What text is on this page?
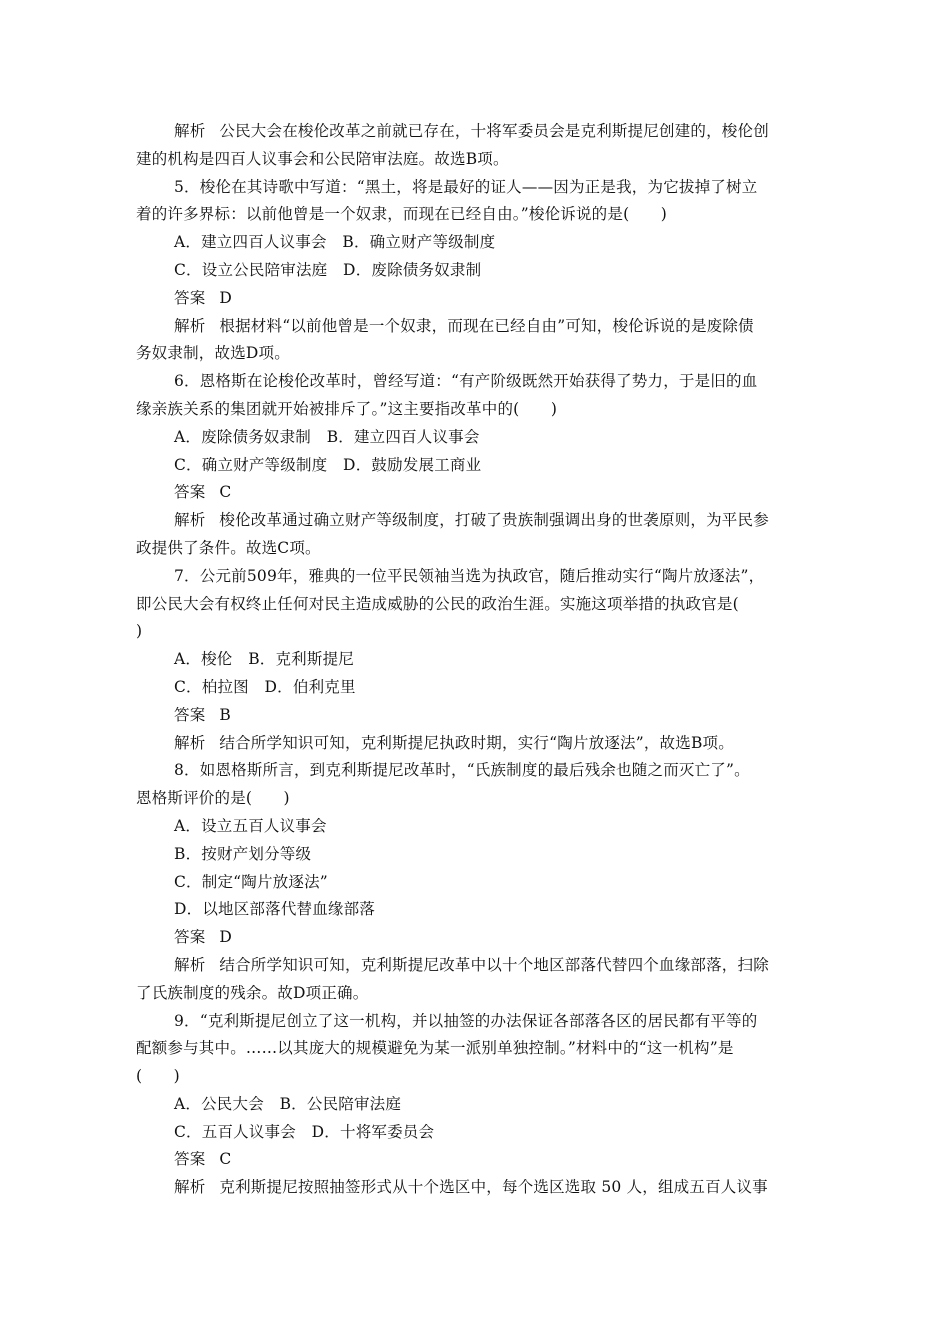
解析 公民大会在梭伦改革之前就已存在，十将军委员会是克利斯提尼创建的，梭伦创
建的机构是四百人议事会和公民陪审法庭。故选B项。
5．梭伦在其诗歌中写道：“黑土，将是最好的证人——因为正是我，为它拔掉了树立
着的许多界标：以前他曾是一个奴隶，而现在已经自由。”梭伦诉说的是(　　)
A．建立四百人议事会　B．确立财产等级制度
C．设立公民陪审法庭　D．废除债务奴隶制
答案 D
解析 根据材料“以前他曾是一个奴隶，而现在已经自由”可知，梭伦诉说的是废除债
务奴隶制，故选D项。
6．恩格斯在论梭伦改革时，曾经写道：“有产阶级既然开始获得了势力，于是旧的血
缘亲族关系的集团就开始被排斥了。”这主要指改革中的(　　)
A．废除债务奴隶制　B．建立四百人议事会
C．确立财产等级制度　D．鼓励发展工商业
答案 C
解析 梭伦改革通过确立财产等级制度，打破了贵族制强调出身的世袭原则，为平民参
政提供了条件。故选C项。
7．公元前509年，雅典的一位平民领袖当选为执政官，随后推动实行“陶片放逐法”，
即公民大会有权终止任何对民主造成威胁的公民的政治生涯。实施这项举措的执政官是(
)
A．梭伦　B．克利斯提尼
C．柏拉图　D．伯利克里
答案 B
解析 结合所学知识可知，克利斯提尼执政时期，实行“陶片放逐法”，故选B项。
8．如恩格斯所言，到克利斯提尼改革时，“氏族制度的最后残余也随之而灭亡了”。
恩格斯评价的是(　　)
A．设立五百人议事会
B．按财产划分等级
C．制定“陶片放逐法”
D．以地区部落代替血缘部落
答案 D
解析 结合所学知识可知，克利斯提尼改革中以十个地区部落代替四个血缘部落，扫除
了氏族制度的残余。故D项正确。
9．“克利斯提尼创立了这一机构，并以抽签的办法保证各部落各区的居民都有平等的
配额参与其中。……以其庞大的规模避免为某一派别单独控制。”材料中的“这一机构”是
(　　)
A．公民大会　B．公民陪审法庭
C．五百人议事会　D．十将军委员会
答案 C
解析 克利斯提尼按照抽签形式从十个选区中，每个选区选取 50 人，组成五百人议事
